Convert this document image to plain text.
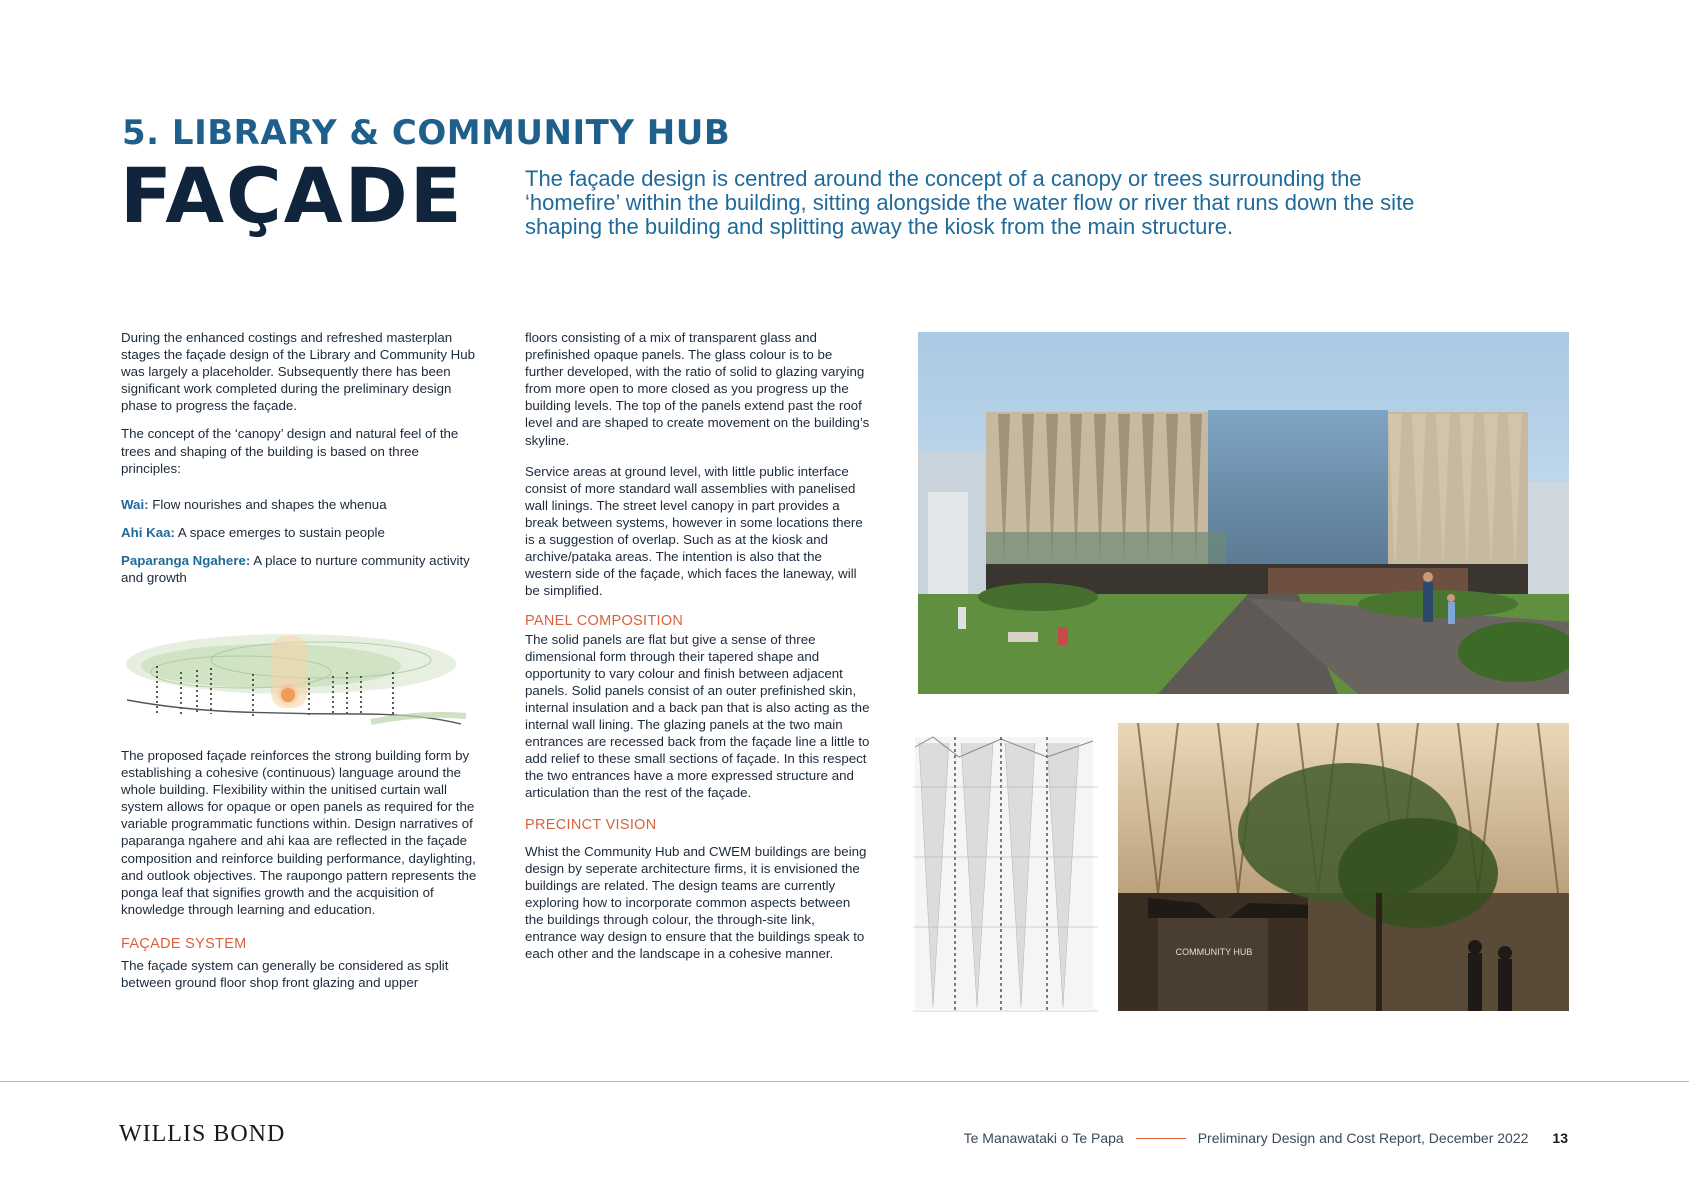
5. LIBRARY & COMMUNITY HUB
FAÇADE	The façade design is centred around the concept of a canopy or trees surrounding the ‘homefire’ within the building, sitting alongside the water flow or river that runs down the site shaping the building and splitting away the kiosk from the main structure.

During the enhanced costings and refreshed masterplan stages the façade design of the Library and Community Hub was largely a placeholder. Subsequently there has been significant work completed during the preliminary design phase to progress the façade.

The concept of the ‘canopy’ design and natural feel of the trees and shaping of the building is based on three principles:

Wai: Flow nourishes and shapes the whenua
Ahi Kaa: A space emerges to sustain people
Paparanga Ngahere: A place to nurture community activity and growth

The proposed façade reinforces the strong building form by establishing a cohesive (continuous) language around the whole building. Flexibility within the unitised curtain wall system allows for opaque or open panels as required for the variable programmatic functions within. Design narratives of paparanga ngahere and ahi kaa are reflected in the façade composition and reinforce building performance, daylighting, and outlook objectives. The raupongo pattern represents the ponga leaf that signifies growth and the acquisition of knowledge through learning and education.

FAÇADE SYSTEM

The façade system can generally be considered as split between ground floor shop front glazing and upper

floors consisting of a mix of transparent glass and prefinished opaque panels. The glass colour is to be further developed, with the ratio of solid to glazing varying from more open to more closed as you progress up the building levels. The top of the panels extend past the roof level and are shaped to create movement on the building’s skyline.

Service areas at ground level, with little public interface consist of more standard wall assemblies with panelised wall linings. The street level canopy in part provides a break between systems, however in some locations there is a suggestion of overlap. Such as at the kiosk and archive/pataka areas. The intention is also that the western side of the façade, which faces the laneway, will be simplified.

PANEL COMPOSITION

The solid panels are flat but give a sense of three dimensional form through their tapered shape and opportunity to vary colour and finish between adjacent panels. Solid panels consist of an outer prefinished skin, internal insulation and a back pan that is also acting as the internal wall lining. The glazing panels at the two main entrances are recessed back from the façade line a little to add relief to these small sections of façade. In this respect the two entrances have a more expressed structure and articulation than the rest of the façade.

PRECINCT VISION

Whist the Community Hub and CWEM buildings are being design by seperate architecture firms, it is envisioned the buildings are related. The design teams are currently exploring how to incorporate common aspects between the buildings through colour, the through-site link, entrance way design to ensure that the buildings speak to each other and the landscape in a cohesive manner.	COMMUNITY HUB
WILLIS BOND	Te Manawataki o Te Papa	Preliminary Design and Cost Report, December 2022 13
